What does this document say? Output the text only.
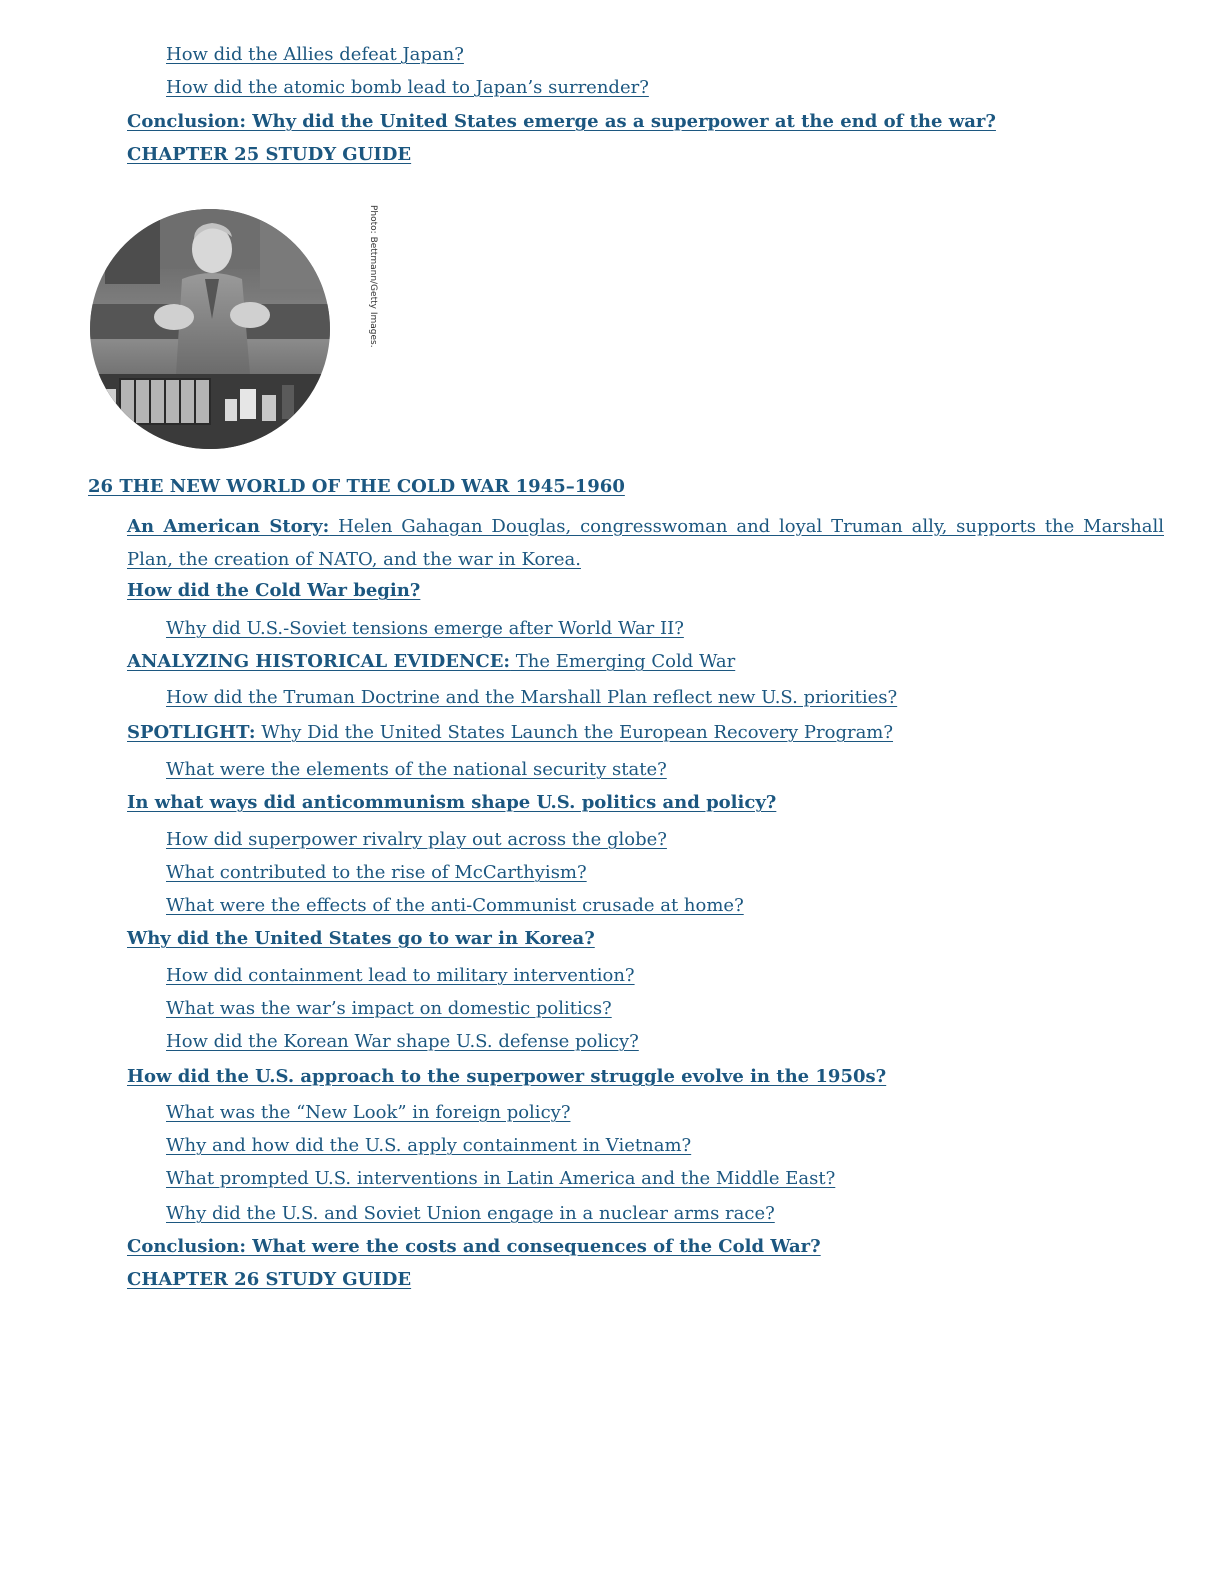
How did the Allies defeat Japan?
How did the atomic bomb lead to Japan’s surrender?
Conclusion: Why did the United States emerge as a superpower at the end of the war?
CHAPTER 25 STUDY GUIDE
Photo: Bettmann/Getty Images.
26 THE NEW WORLD OF THE COLD WAR 1945–1960
An American Story: Helen Gahagan Douglas, congresswoman and loyal Truman ally, supports the Marshall Plan, the creation of NATO, and the war in Korea.
How did the Cold War begin?
Why did U.S.-Soviet tensions emerge after World War II?
ANALYZING HISTORICAL EVIDENCE: The Emerging Cold War
How did the Truman Doctrine and the Marshall Plan reflect new U.S. priorities?
SPOTLIGHT: Why Did the United States Launch the European Recovery Program?
What were the elements of the national security state?
In what ways did anticommunism shape U.S. politics and policy?
How did superpower rivalry play out across the globe?
What contributed to the rise of McCarthyism?
What were the effects of the anti-Communist crusade at home?
Why did the United States go to war in Korea?
How did containment lead to military intervention?
What was the war’s impact on domestic politics?
How did the Korean War shape U.S. defense policy?
How did the U.S. approach to the superpower struggle evolve in the 1950s?
What was the “New Look” in foreign policy?
Why and how did the U.S. apply containment in Vietnam?
What prompted U.S. interventions in Latin America and the Middle East?
Why did the U.S. and Soviet Union engage in a nuclear arms race?
Conclusion: What were the costs and consequences of the Cold War?
CHAPTER 26 STUDY GUIDE
